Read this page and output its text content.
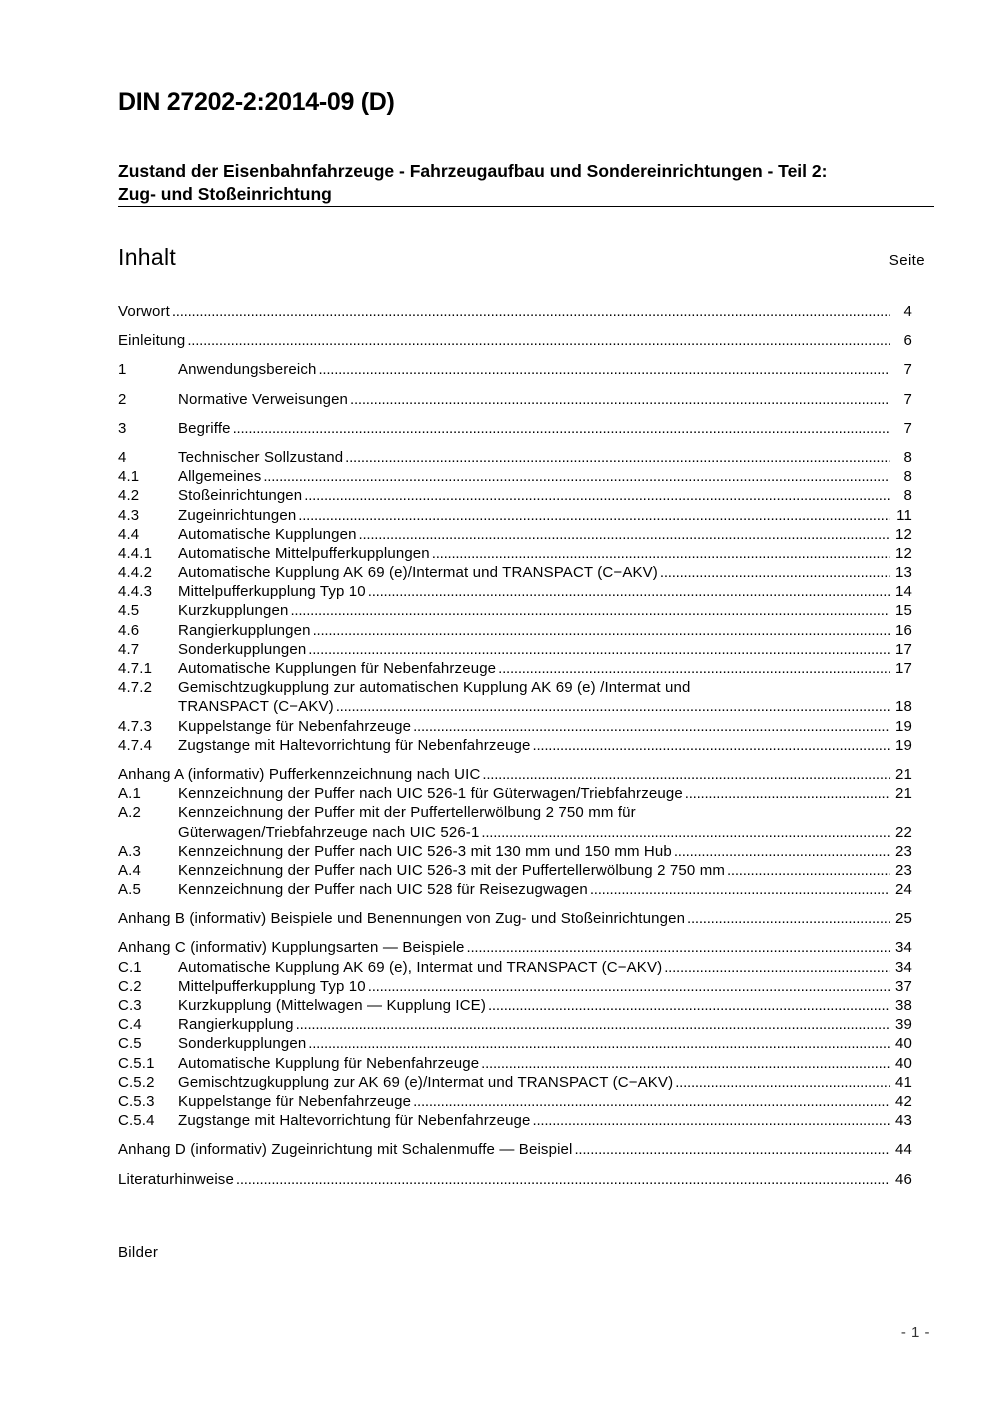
DIN 27202-2:2014-09 (D)
Zustand der Eisenbahnfahrzeuge - Fahrzeugaufbau und Sondereinrichtungen - Teil 2:
Zug- und Stoßeinrichtung
Inhalt	Seite
Vorwort . . .	4
Einleitung . . .	6
1	Anwendungsbereich . . .	7
2	Normative Verweisungen . . .	7
3	Begriffe . . .	7
4	Technischer Sollzustand . . .	8
4.1	Allgemeines . . .	8
4.2	Stoßeinrichtungen . . .	8
4.3	Zugeinrichtungen . . .	11
4.4	Automatische Kupplungen . . .	12
4.4.1 Automatische Mittelpufferkupplungen . . .	12
4.4.2 Automatische Kupplung AK 69 (e)/Intermat und TRANSPACT (C−AKV) . . .	13
4.4.3 Mittelpufferkupplung Typ 10 . . .	14
4.5	Kurzkupplungen . . .	15
4.6	Rangierkupplungen . . .	16
4.7	Sonderkupplungen . . .	17
4.7.1 Automatische Kupplungen für Nebenfahrzeuge . . .	17
4.7.2 Gemischtzugkupplung zur automatischen Kupplung AK 69 (e) /Intermat und
TRANSPACT (C−AKV) . . .	18
4.7.3 Kuppelstange für Nebenfahrzeuge . . .	19
4.7.4 Zugstange mit Haltevorrichtung für Nebenfahrzeuge . . .	19
Anhang A (informativ) Pufferkennzeichnung nach UIC . . .	21
A.1 Kennzeichnung der Puffer nach UIC 526-1 für Güterwagen/Triebfahrzeuge . . .	21
A.2 Kennzeichnung der Puffer mit der Puffertellerwölbung 2 750 mm für
Güterwagen/Triebfahrzeuge nach UIC 526-1 . . .	22
A.3 Kennzeichnung der Puffer nach UIC 526-3 mit 130 mm und 150 mm Hub . . .	23
A.4 Kennzeichnung der Puffer nach UIC 526-3 mit der Puffertellerwölbung 2 750 mm . . .	23
A.5 Kennzeichnung der Puffer nach UIC 528 für Reisezugwagen . . .	24
Anhang B (informativ) Beispiele und Benennungen von Zug- und Stoßeinrichtungen . . .	25
Anhang C (informativ) Kupplungsarten — Beispiele . . .	34
C.1 Automatische Kupplung AK 69 (e), Intermat und TRANSPACT (C−AKV) . . .	34
C.2 Mittelpufferkupplung Typ 10 . . .	37
C.3 Kurzkupplung (Mittelwagen — Kupplung ICE) . . .	38
C.4 Rangierkupplung . . .	39
C.5 Sonderkupplungen . . .	40
C.5.1 Automatische Kupplung für Nebenfahrzeuge . . .	40
C.5.2 Gemischtzugkupplung zur AK 69 (e)/Intermat und TRANSPACT (C−AKV) . . .	41
C.5.3 Kuppelstange für Nebenfahrzeuge . . .	42
C.5.4 Zugstange mit Haltevorrichtung für Nebenfahrzeuge . . .	43
Anhang D (informativ) Zugeinrichtung mit Schalenmuffe — Beispiel . . .	44
Literaturhinweise . . .	46
Bilder
- 1 -
